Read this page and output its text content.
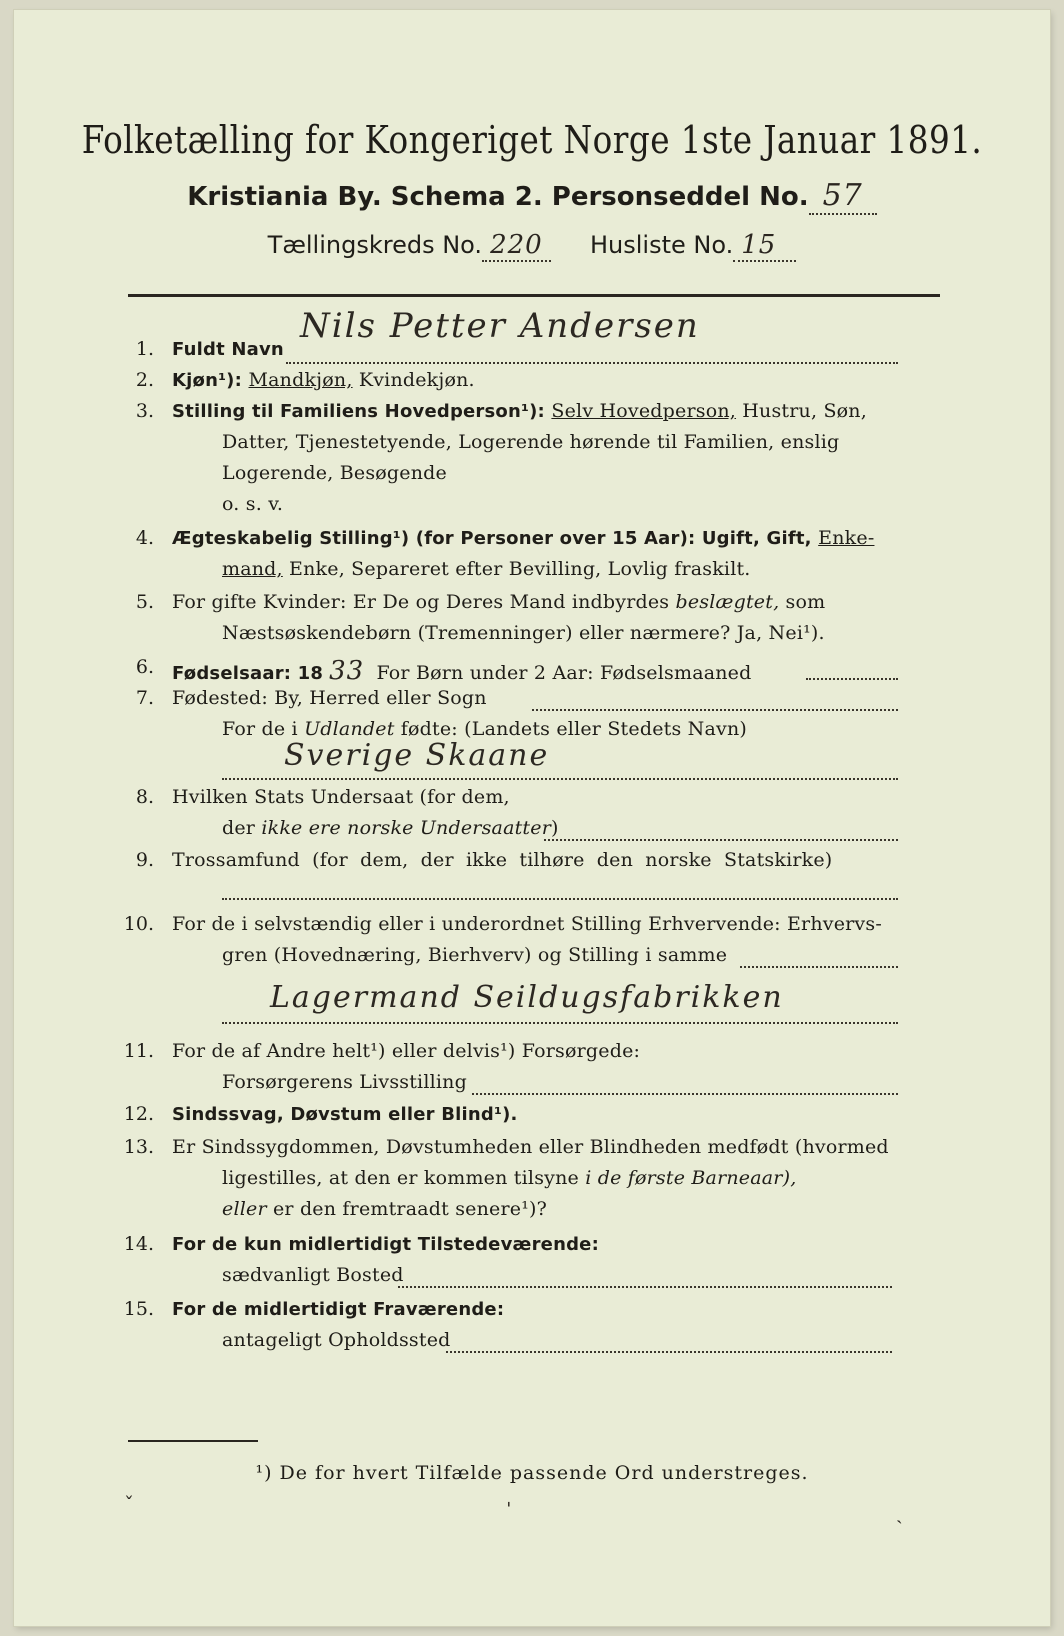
Folketælling for Kongeriget Norge 1ste Januar 1891.
Kristiania By. Schema 2. Personseddel No. 57
Tællingskreds No. 220 Husliste No. 15
1. Fuldt Navn
Nils Petter Andersen
2. Kjøn¹): Mandkjøn, Kvindekjøn.
3. Stilling til Familiens Hovedperson¹): Selv Hovedperson, Hustru, Søn,
Datter, Tjenestetyende, Logerende hørende til Familien, enslig
Logerende, Besøgende
o. s. v.
4. Ægteskabelig Stilling¹) (for Personer over 15 Aar): Ugift, Gift, Enke-
mand, Enke, Separeret efter Bevilling, Lovlig fraskilt.
5. For gifte Kvinder: Er De og Deres Mand indbyrdes beslægtet, som
Næstsøskendebørn (Tremenninger) eller nærmere? Ja, Nei¹).
6. Fødselsaar: 18 33 For Børn under 2 Aar: Fødselsmaaned
7. Fødested: By, Herred eller Sogn
For de i Udlandet fødte: (Landets eller Stedets Navn)
Sverige Skaane
8. Hvilken Stats Undersaat (for dem,
der ikke ere norske Undersaatter)
9. Trossamfund (for dem, der ikke tilhøre den norske Statskirke)
10. For de i selvstændig eller i underordnet Stilling Erhvervende: Erhvervs-
gren (Hovednæring, Bierhverv) og Stilling i samme
Lagermand Seildugsfabrikken
11. For de af Andre helt¹) eller delvis¹) Forsørgede:
Forsørgerens Livsstilling
12. Sindssvag, Døvstum eller Blind¹).
13. Er Sindssygdommen, Døvstumheden eller Blindheden medfødt (hvormed
ligestilles, at den er kommen tilsyne i de første Barneaar),
eller er den fremtraadt senere¹)?
14. For de kun midlertidigt Tilstedeværende:
sædvanligt Bosted
15. For de midlertidigt Fraværende:
antageligt Opholdssted
¹) De for hvert Tilfælde passende Ord understreges.
ˇ	ˈ	ˎ
